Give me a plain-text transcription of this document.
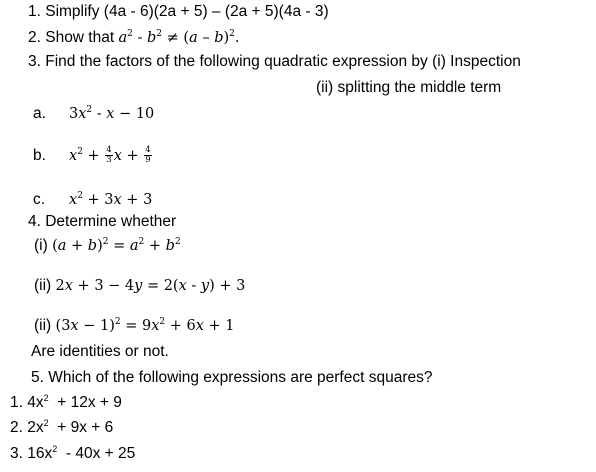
1. Simplify (4a - 6)(2a + 5) – (2a + 5)(4a - 3)
2. Show that $a^2 - b^2 \ne (a - b)^2$.
3. Find the factors of the following quadratic expression by (i) Inspection
(ii) splitting the middle term
a. $3x^2 - x - 10$
b. $x^2 + \frac{4}{3}$ $x + \frac{4}{9}$
c. $x^2 + 3x + 3$
4. Determine whether
(i) $(a + b)^2 = a^2 + b^2$
(ii) 2x + 3 − 4y = 2(x - y) + 3
(ii) $(3x - 1)^2 = 9x^2 + 6x + 1$
Are identities or not.
5. Which of the following expressions are perfect squares?
1. $4x^2 + 12x + 9$
2. $2x^2 + 9x + 6$
3. $16x^2 - 40x + 25$
